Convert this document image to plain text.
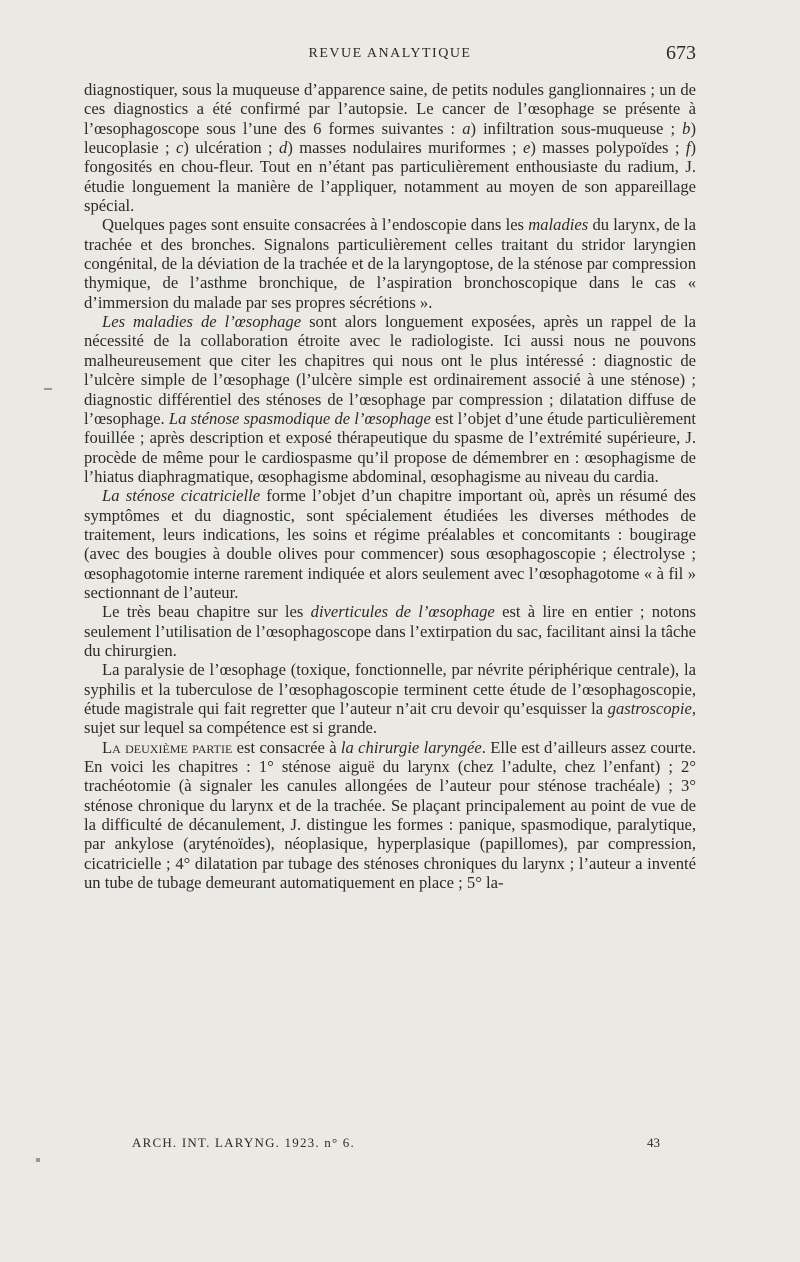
REVUE ANALYTIQUE	673

diagnostiquer, sous la muqueuse d’apparence saine, de petits nodules ganglionnaires ; un de ces diagnostics a été confirmé par l’autopsie. Le cancer de l’œsophage se présente à l’œsophagoscope sous l’une des 6 formes suivantes : a) infiltration sous-muqueuse ; b) leucoplasie ; c) ulcération ; d) masses nodulaires muriformes ; e) masses polypoïdes ; f) fongosités en chou-fleur. Tout en n’étant pas particulièrement enthousiaste du radium, J. étudie longuement la manière de l’appliquer, notamment au moyen de son appareillage spécial.

Quelques pages sont ensuite consacrées à l’endoscopie dans les maladies du larynx, de la trachée et des bronches. Signalons particulièrement celles traitant du stridor laryngien congénital, de la déviation de la trachée et de la laryngoptose, de la sténose par compression thymique, de l’asthme bronchique, de l’aspiration bronchoscopique dans le cas « d’immersion du malade par ses propres sécrétions ».

Les maladies de l’œsophage sont alors longuement exposées, après un rappel de la nécessité de la collaboration étroite avec le radiologiste. Ici aussi nous ne pouvons malheureusement que citer les chapitres qui nous ont le plus intéressé : diagnostic de l’ulcère simple de l’œsophage (l’ulcère simple est ordinairement associé à une sténose) ; diagnostic différentiel des sténoses de l’œsophage par compression ; dilatation diffuse de l’œsophage. La sténose spasmodique de l’œsophage est l’objet d’une étude particulièrement fouillée ; après description et exposé thérapeutique du spasme de l’extrémité supérieure, J. procède de même pour le cardiospasme qu’il propose de démembrer en : œsophagisme de l’hiatus diaphragmatique, œsophagisme abdominal, œsophagisme au niveau du cardia.

La sténose cicatricielle forme l’objet d’un chapitre important où, après un résumé des symptômes et du diagnostic, sont spécialement étudiées les diverses méthodes de traitement, leurs indications, les soins et régime préalables et concomitants : bougirage (avec des bougies à double olives pour commencer) sous œsophagoscopie ; électrolyse ; œsophagotomie interne rarement indiquée et alors seulement avec l’œsophagotome « à fil » sectionnant de l’auteur.

Le très beau chapitre sur les diverticules de l’œsophage est à lire en entier ; notons seulement l’utilisation de l’œsophagoscope dans l’extirpation du sac, facilitant ainsi la tâche du chirurgien.

La paralysie de l’œsophage (toxique, fonctionnelle, par névrite périphérique centrale), la syphilis et la tuberculose de l’œsophagoscopie terminent cette étude de l’œsophagoscopie, étude magistrale qui fait regretter que l’auteur n’ait cru devoir qu’esquisser la gastroscopie, sujet sur lequel sa compétence est si grande.

La deuxième partie est consacrée à la chirurgie laryngée. Elle est d’ailleurs assez courte. En voici les chapitres : 1° sténose aiguë du larynx (chez l’adulte, chez l’enfant) ; 2° trachéotomie (à signaler les canules allongées de l’auteur pour sténose trachéale) ; 3° sténose chronique du larynx et de la trachée. Se plaçant principalement au point de vue de la difficulté de décanulement, J. distingue les formes : panique, spasmodique, paralytique, par ankylose (aryténoïdes), néoplasique, hyperplasique (papillomes), par compression, cicatricielle ; 4° dilatation par tubage des sténoses chroniques du larynx ; l’auteur a inventé un tube de tubage demeurant automatiquement en place ; 5° la-

ARCH. INT. LARYNG. 1923. n° 6.	43
